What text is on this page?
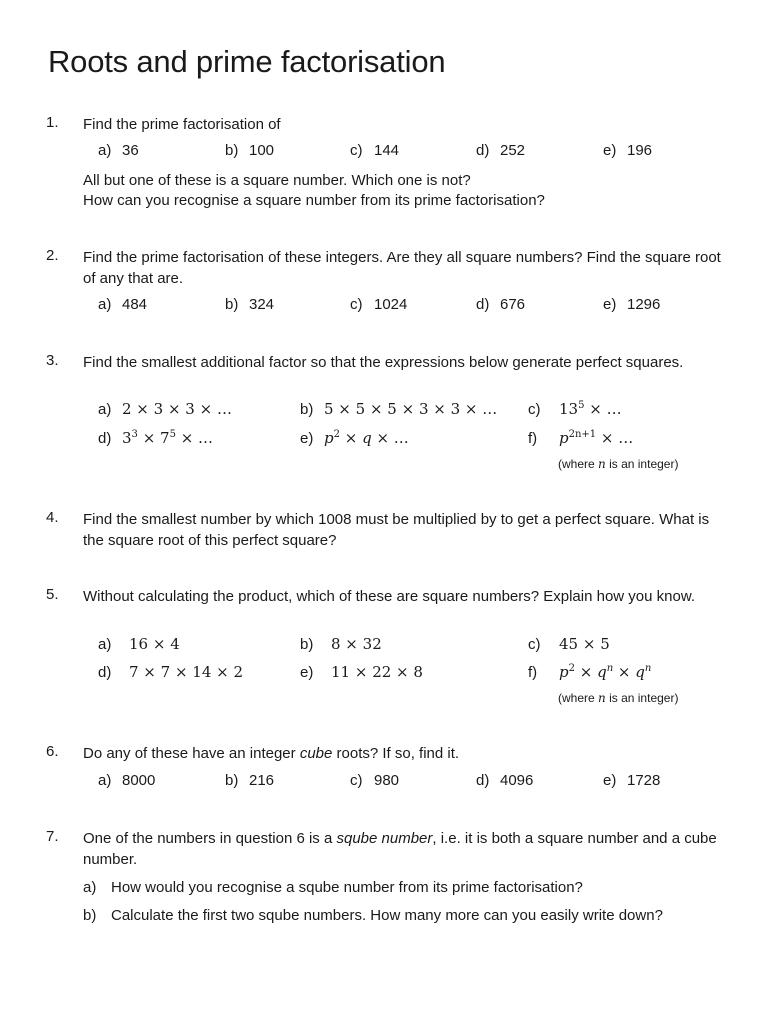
Roots and prime factorisation
1. Find the prime factorisation of
a) 36	b) 100	c) 144	d) 252	e) 196
All but one of these is a square number. Which one is not?
How can you recognise a square number from its prime factorisation?
2. Find the prime factorisation of these integers. Are they all square numbers? Find the square root of any that are.
a) 484	b) 324	c) 1024	d) 676	e) 1296
3. Find the smallest additional factor so that the expressions below generate perfect squares.
a) 2 × 3 × 3 × …	b) 5 × 5 × 5 × 3 × 3 × … c) $13^5$ × …
d) $3^3 \times 7^5$ × …	e) $p^2 \times q$ × …	f) $p^{2n+1}$ × …
(where n is an integer)
4. Find the smallest number by which 1008 must be multiplied by to get a perfect square. What is the square root of this perfect square?
5. Without calculating the product, which of these are square numbers? Explain how you know.
a) 16 × 4	b) 8 × 32	c) 45 × 5
d) 7 × 7 × 14 × 2	e) 11 × 22 × 8	f) $p^2 \times q^n \times q^n$
(where n is an integer)
6. Do any of these have an integer cube roots? If so, find it.
a) 8000	b) 216	c) 980	d) 4096	e) 1728
7. One of the numbers in question 6 is a sqube number, i.e. it is both a square number and a cube number.
a) How would you recognise a sqube number from its prime factorisation?
b) Calculate the first two sqube numbers. How many more can you easily write down?
